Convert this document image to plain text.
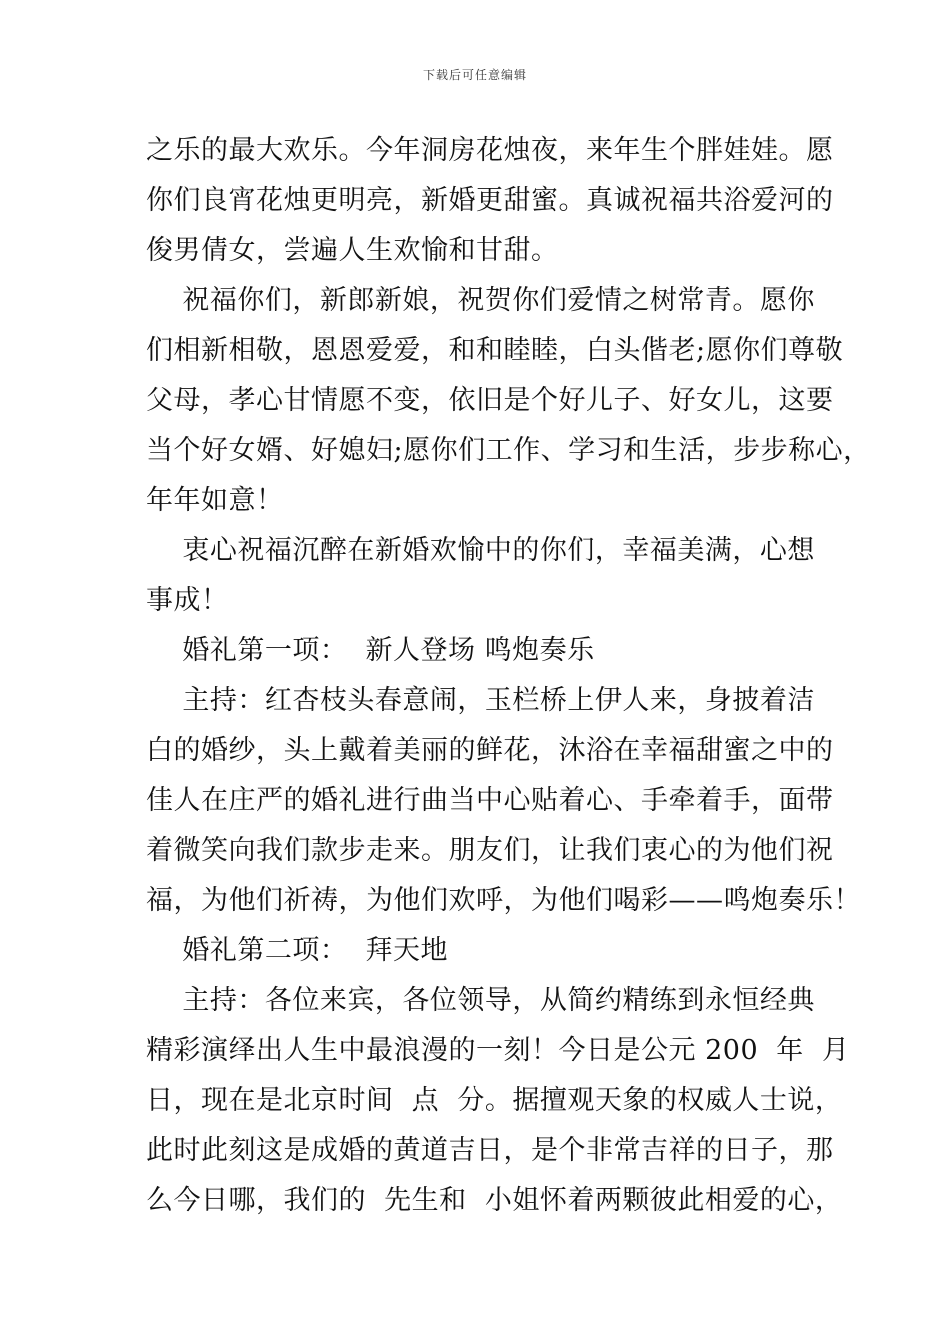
下载后可任意编辑
之乐的最大欢乐。今年洞房花烛夜，来年生个胖娃娃。愿
你们良宵花烛更明亮，新婚更甜蜜。真诚祝福共浴爱河的
俊男倩女，尝遍人生欢愉和甘甜。
祝福你们，新郎新娘，祝贺你们爱情之树常青。愿你
们相新相敬，恩恩爱爱，和和睦睦，白头偕老;愿你们尊敬
父母，孝心甘情愿不变，依旧是个好儿子、好女儿，这要
当个好女婿、好媳妇;愿你们工作、学习和生活，步步称心，
年年如意！
衷心祝福沉醉在新婚欢愉中的你们，幸福美满，心想
事成！
婚礼第一项：  新人登场 鸣炮奏乐
主持：红杏枝头春意闹，玉栏桥上伊人来，身披着洁
白的婚纱，头上戴着美丽的鲜花，沐浴在幸福甜蜜之中的
佳人在庄严的婚礼进行曲当中心贴着心、手牵着手，面带
着微笑向我们款步走来。朋友们，让我们衷心的为他们祝
福，为他们祈祷，为他们欢呼，为他们喝彩——鸣炮奏乐！
婚礼第二项：  拜天地
主持：各位来宾，各位领导，从简约精练到永恒经典
精彩演绎出人生中最浪漫的一刻！今日是公元 200  年  月
日，现在是北京时间  点  分。据擅观天象的权威人士说，
此时此刻这是成婚的黄道吉日，是个非常吉祥的日子，那
么今日哪，我们的  先生和  小姐怀着两颗彼此相爱的心，
